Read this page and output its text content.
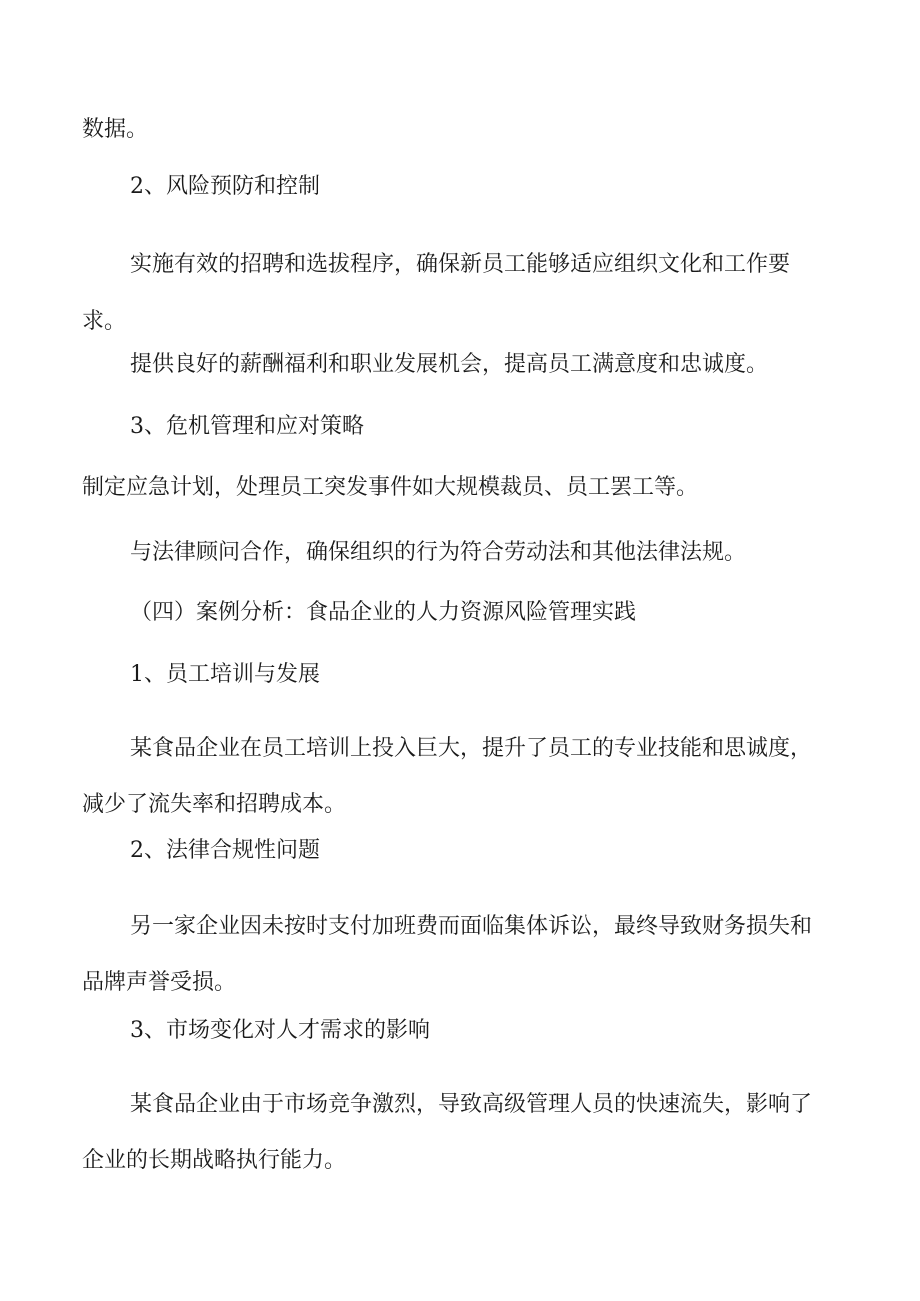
数据。
2、风险预防和控制
实施有效的招聘和选拔程序，确保新员工能够适应组织文化和工作要求。
提供良好的薪酬福利和职业发展机会，提高员工满意度和忠诚度。
3、危机管理和应对策略
制定应急计划，处理员工突发事件如大规模裁员、员工罢工等。
与法律顾问合作，确保组织的行为符合劳动法和其他法律法规。
（四）案例分析：食品企业的人力资源风险管理实践
1、员工培训与发展
某食品企业在员工培训上投入巨大，提升了员工的专业技能和思诚度，减少了流失率和招聘成本。
2、法律合规性问题
另一家企业因未按时支付加班费而面临集体诉讼，最终导致财务损失和品牌声誉受损。
3、市场变化对人才需求的影响
某食品企业由于市场竞争激烈，导致高级管理人员的快速流失，影响了企业的长期战略执行能力。
